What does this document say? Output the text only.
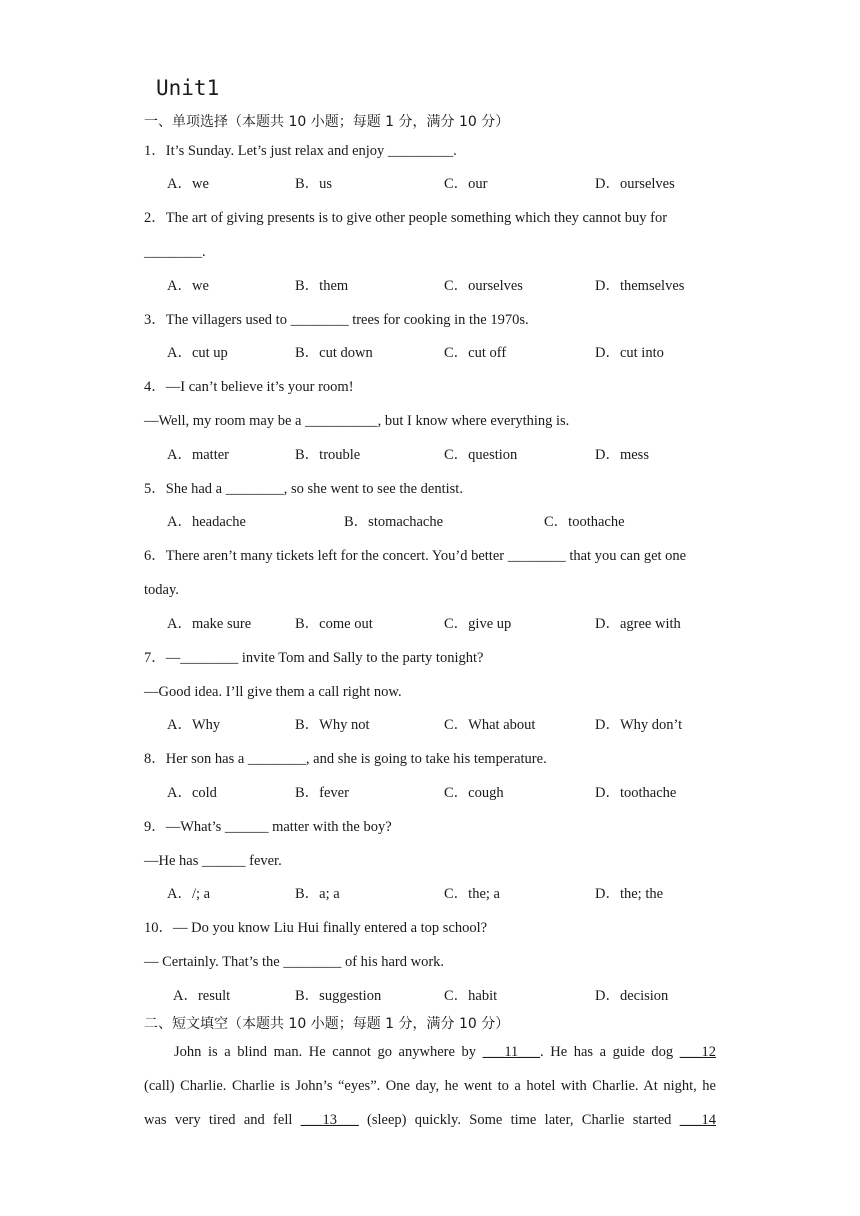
Unit1
一、单项选择（本题共 10 小题；每题 1 分，满分 10 分）
1．It’s Sunday. Let’s just relax and enjoy _________.
A．we	B．us	C．our	D．ourselves
2．The art of giving presents is to give other people something which they cannot buy for
________.
A．we	B．them	C．ourselves	D．themselves
3．The villagers used to ________ trees for cooking in the 1970s.
A．cut up	B．cut down	C．cut off	D．cut into
4．—I can’t believe it’s your room!
—Well, my room may be a __________, but I know where everything is.
A．matter	B．trouble	C．question	D．mess
5．She had a ________, so she went to see the dentist.
A．headache	B．stomachache	C．toothache
6．There aren’t many tickets left for the concert. You’d better ________ that you can get one
today.
A．make sure	B．come out	C．give up	D．agree with
7．—________ invite Tom and Sally to the party tonight?
—Good idea. I’ll give them a call right now.
A．Why	B．Why not	C．What about	D．Why don’t
8．Her son has a ________, and she is going to take his temperature.
A．cold	B．fever	C．cough	D．toothache
9．—What’s ______ matter with the boy?
—He has ______ fever.
A．/; a	B．a; a	C．the; a	D．the; the
10．— Do you know Liu Hui finally entered a top school?
— Certainly. That’s the ________ of his hard work.
A．result	B．suggestion	C．habit	D．decision
二、短文填空（本题共 10 小题；每题 1 分，满分 10 分）
John is a blind man. He cannot go anywhere by ___11___. He has a guide dog ___12
(call) Charlie. Charlie is John’s “eyes”. One day, he went to a hotel with Charlie. At night, he
was very tired and fell ___13___ (sleep) quickly. Some time later, Charlie started ___14
